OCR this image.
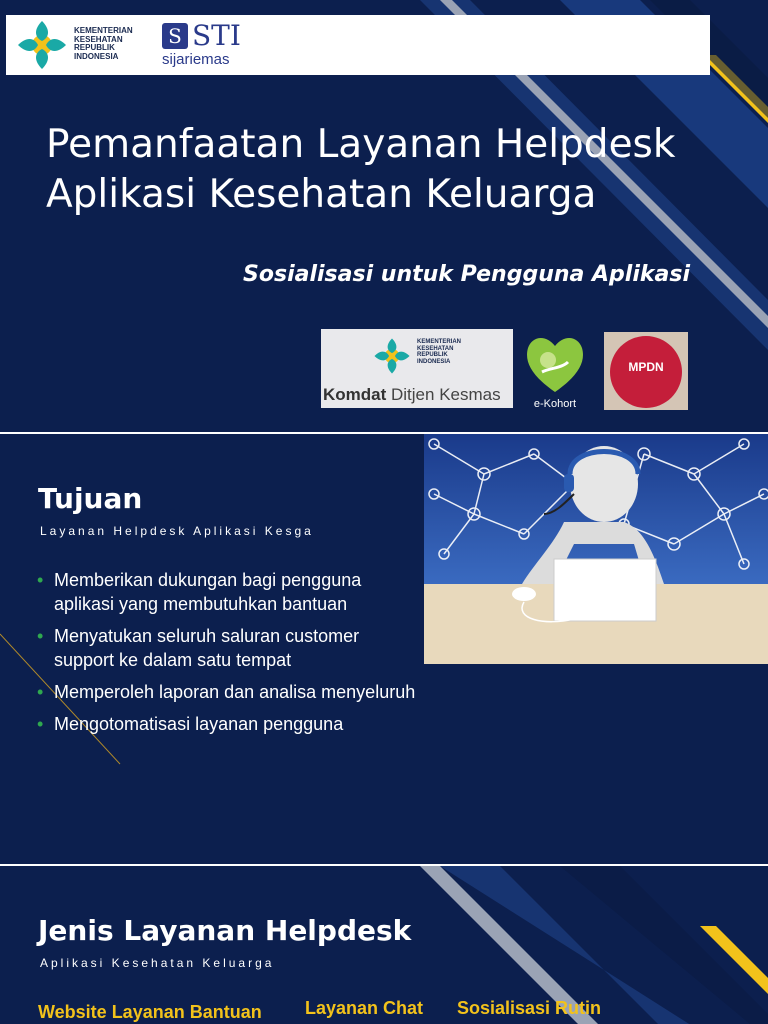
KEMENTERIAN
KESEHATAN
REPUBLIK
INDONESIA
S STI
sijariemas
Pemanfaatan Layanan Helpdesk
Aplikasi Kesehatan Keluarga
Sosialisasi untuk Pengguna Aplikasi
KEMENTERIAN
KESEHATAN
REPUBLIK
INDONESIA
Komdat Ditjen Kesmas	e-Kohort
MPDN
Tujuan
Layanan Helpdesk Aplikasi Kesga
• Memberikan dukungan bagi pengguna aplikasi yang membutuhkan bantuan
• Menyatukan seluruh saluran customer support ke dalam satu tempat
• Memperoleh laporan dan analisa menyeluruh
• Mengotomatisasi layanan pengguna
Jenis Layanan Helpdesk
Aplikasi Kesehatan Keluarga
Website Layanan Bantuan Layanan Chat Sosialisasi Rutin
